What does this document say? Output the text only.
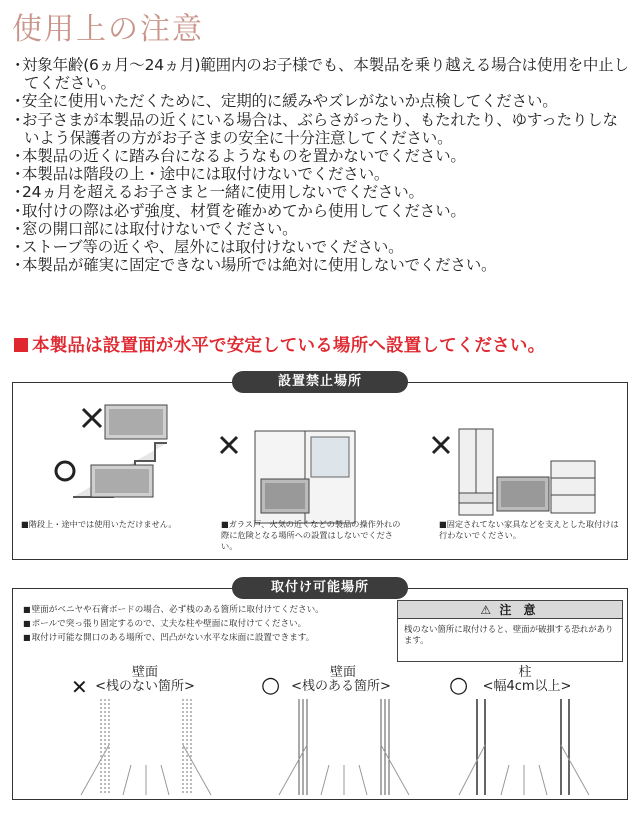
使用上の注意
・ 対象年齢(6ヵ月～24ヵ月)範囲内のお子様でも、本製品を乗り越える場合は使用を中止してください。
・ 安全に使用いただくために、定期的に緩みやズレがないか点検してください。
・ お子さまが本製品の近くにいる場合は、ぶらさがったり、もたれたり、ゆすったりしないよう保護者の方がお子さまの安全に十分注意してください。
・ 本製品の近くに踏み台になるようなものを置かないでください。
・ 本製品は階段の上・途中には取付けないでください。
・ 24ヵ月を超えるお子さまと一緒に使用しないでください。
・ 取付けの際は必ず強度、材質を確かめてから使用してください。
・ 窓の開口部には取付けないでください。
・ ストーブ等の近くや、屋外には取付けないでください。
・ 本製品が確実に固定できない場所では絶対に使用しないでください。
本製品は設置面が水平で安定している場所へ設置してください。
設置禁止場所
■階段上・途中では使用いただけません。	■ガラス戸、火気の近くなどの製品の操作外れの際に危険となる場所への設置はしないでください。
■固定されてない家具などを支えとした取付けは行わないでください。
取付け可能場所
■ 壁面がベニヤや石膏ボードの場合、必ず桟のある箇所に取付けてください。
■ ポールで突っ張り固定するので、丈夫な柱や壁面に取付けてください。
■ 取付け可能な開口のある場所で、凹凸がない水平な床面に設置できます。
⚠ 注 意
桟のない箇所に取付けると、壁面が破損する恐れがあります。
壁面
✕ <桟のない箇所>
壁面
○ <桟のある箇所>
柱
○	<幅4cm以上>
